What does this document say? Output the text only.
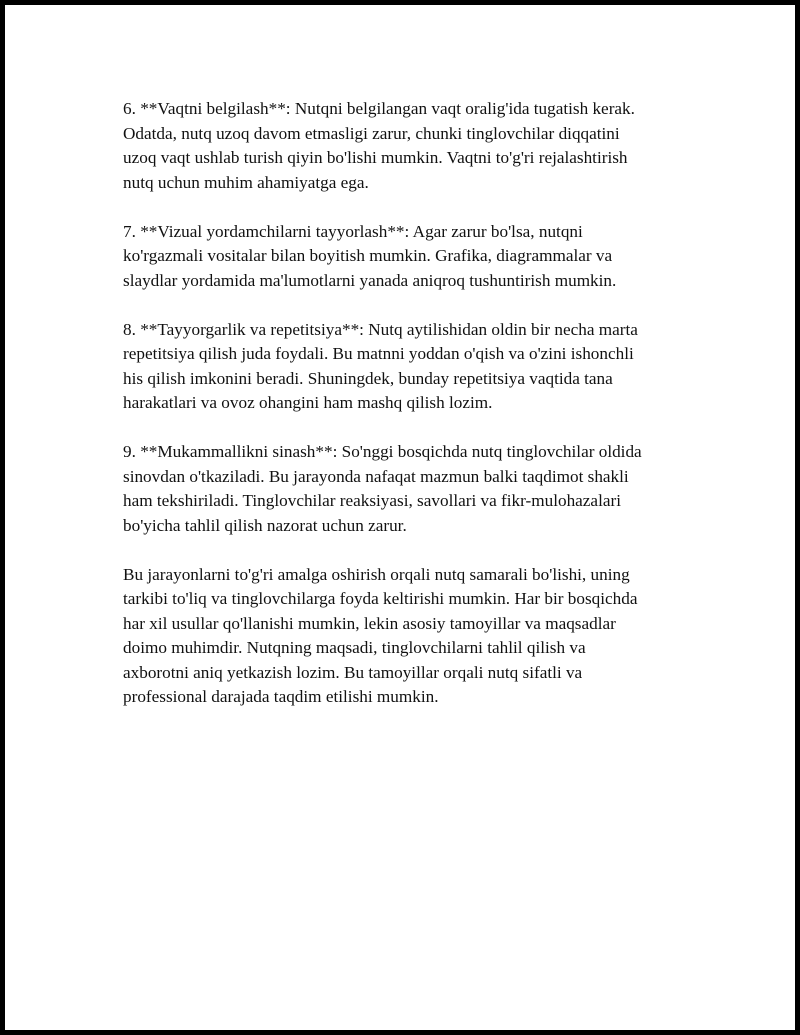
6. **Vaqtni belgilash**: Nutqni belgilangan vaqt oralig'ida tugatish kerak.
Odatda, nutq uzoq davom etmasligi zarur, chunki tinglovchilar diqqatini
uzoq vaqt ushlab turish qiyin bo'lishi mumkin. Vaqtni to'g'ri rejalashtirish
nutq uchun muhim ahamiyatga ega.

7. **Vizual yordamchilarni tayyorlash**: Agar zarur bo'lsa, nutqni
ko'rgazmali vositalar bilan boyitish mumkin. Grafika, diagrammalar va
slaydlar yordamida ma'lumotlarni yanada aniqroq tushuntirish mumkin.

8. **Tayyorgarlik va repetitsiya**: Nutq aytilishidan oldin bir necha marta
repetitsiya qilish juda foydali. Bu matnni yoddan o'qish va o'zini ishonchli
his qilish imkonini beradi. Shuningdek, bunday repetitsiya vaqtida tana
harakatlari va ovoz ohangini ham mashq qilish lozim.

9. **Mukammallikni sinash**: So'nggi bosqichda nutq tinglovchilar oldida
sinovdan o'tkaziladi. Bu jarayonda nafaqat mazmun balki taqdimot shakli
ham tekshiriladi. Tinglovchilar reaksiyasi, savollari va fikr-mulohazalari
bo'yicha tahlil qilish nazorat uchun zarur.

Bu jarayonlarni to'g'ri amalga oshirish orqali nutq samarali bo'lishi, uning
tarkibi to'liq va tinglovchilarga foyda keltirishi mumkin. Har bir bosqichda
har xil usullar qo'llanishi mumkin, lekin asosiy tamoyillar va maqsadlar
doimo muhimdir. Nutqning maqsadi, tinglovchilarni tahlil qilish va
axborotni aniq yetkazish lozim. Bu tamoyillar orqali nutq sifatli va
professional darajada taqdim etilishi mumkin.
